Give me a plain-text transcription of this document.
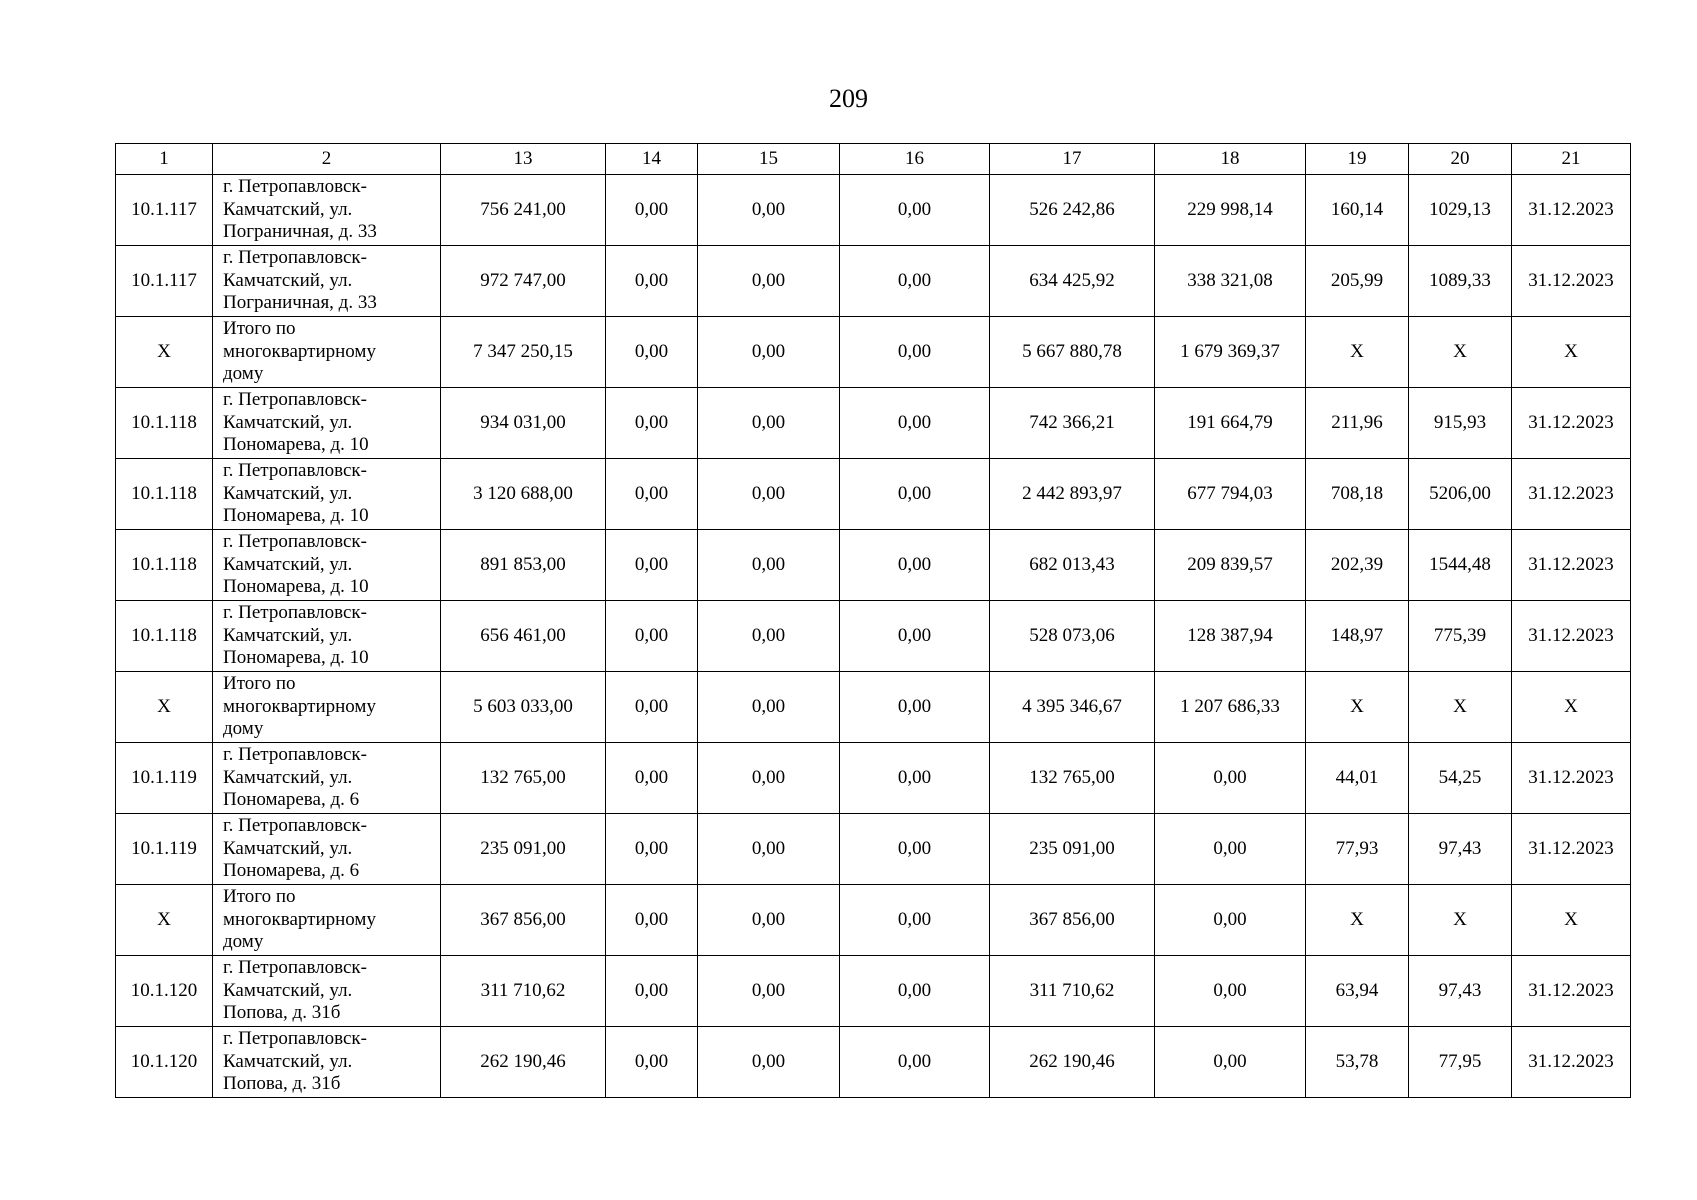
209
1	2	13	14	15	16	17	18	19	20	21
10.1.117	г. Петропавловск-
Камчатский, ул.
Пограничная, д. 33	756 241,00	0,00	0,00	0,00	526 242,86	229 998,14	160,14	1029,13	31.12.2023
10.1.117	г. Петропавловск-
Камчатский, ул.
Пограничная, д. 33	972 747,00	0,00	0,00	0,00	634 425,92	338 321,08	205,99	1089,33	31.12.2023
X	Итого по
многоквартирному
дому	7 347 250,15	0,00	0,00	0,00	5 667 880,78	1 679 369,37	X	X	X
10.1.118	г. Петропавловск-
Камчатский, ул.
Пономарева, д. 10	934 031,00	0,00	0,00	0,00	742 366,21	191 664,79	211,96	915,93	31.12.2023
10.1.118	г. Петропавловск-
Камчатский, ул.
Пономарева, д. 10	3 120 688,00	0,00	0,00	0,00	2 442 893,97	677 794,03	708,18	5206,00	31.12.2023
10.1.118	г. Петропавловск-
Камчатский, ул.
Пономарева, д. 10	891 853,00	0,00	0,00	0,00	682 013,43	209 839,57	202,39	1544,48	31.12.2023
10.1.118	г. Петропавловск-
Камчатский, ул.
Пономарева, д. 10	656 461,00	0,00	0,00	0,00	528 073,06	128 387,94	148,97	775,39	31.12.2023
X	Итого по
многоквартирному
дому	5 603 033,00	0,00	0,00	0,00	4 395 346,67	1 207 686,33	X	X	X
10.1.119	г. Петропавловск-
Камчатский, ул.
Пономарева, д. 6	132 765,00	0,00	0,00	0,00	132 765,00	0,00	44,01	54,25	31.12.2023
10.1.119	г. Петропавловск-
Камчатский, ул.
Пономарева, д. 6	235 091,00	0,00	0,00	0,00	235 091,00	0,00	77,93	97,43	31.12.2023
X	Итого по
многоквартирному
дому	367 856,00	0,00	0,00	0,00	367 856,00	0,00	X	X	X
10.1.120	г. Петропавловск-
Камчатский, ул.
Попова, д. 31б	311 710,62	0,00	0,00	0,00	311 710,62	0,00	63,94	97,43	31.12.2023
10.1.120	г. Петропавловск-
Камчатский, ул.
Попова, д. 31б	262 190,46	0,00	0,00	0,00	262 190,46	0,00	53,78	77,95	31.12.2023
